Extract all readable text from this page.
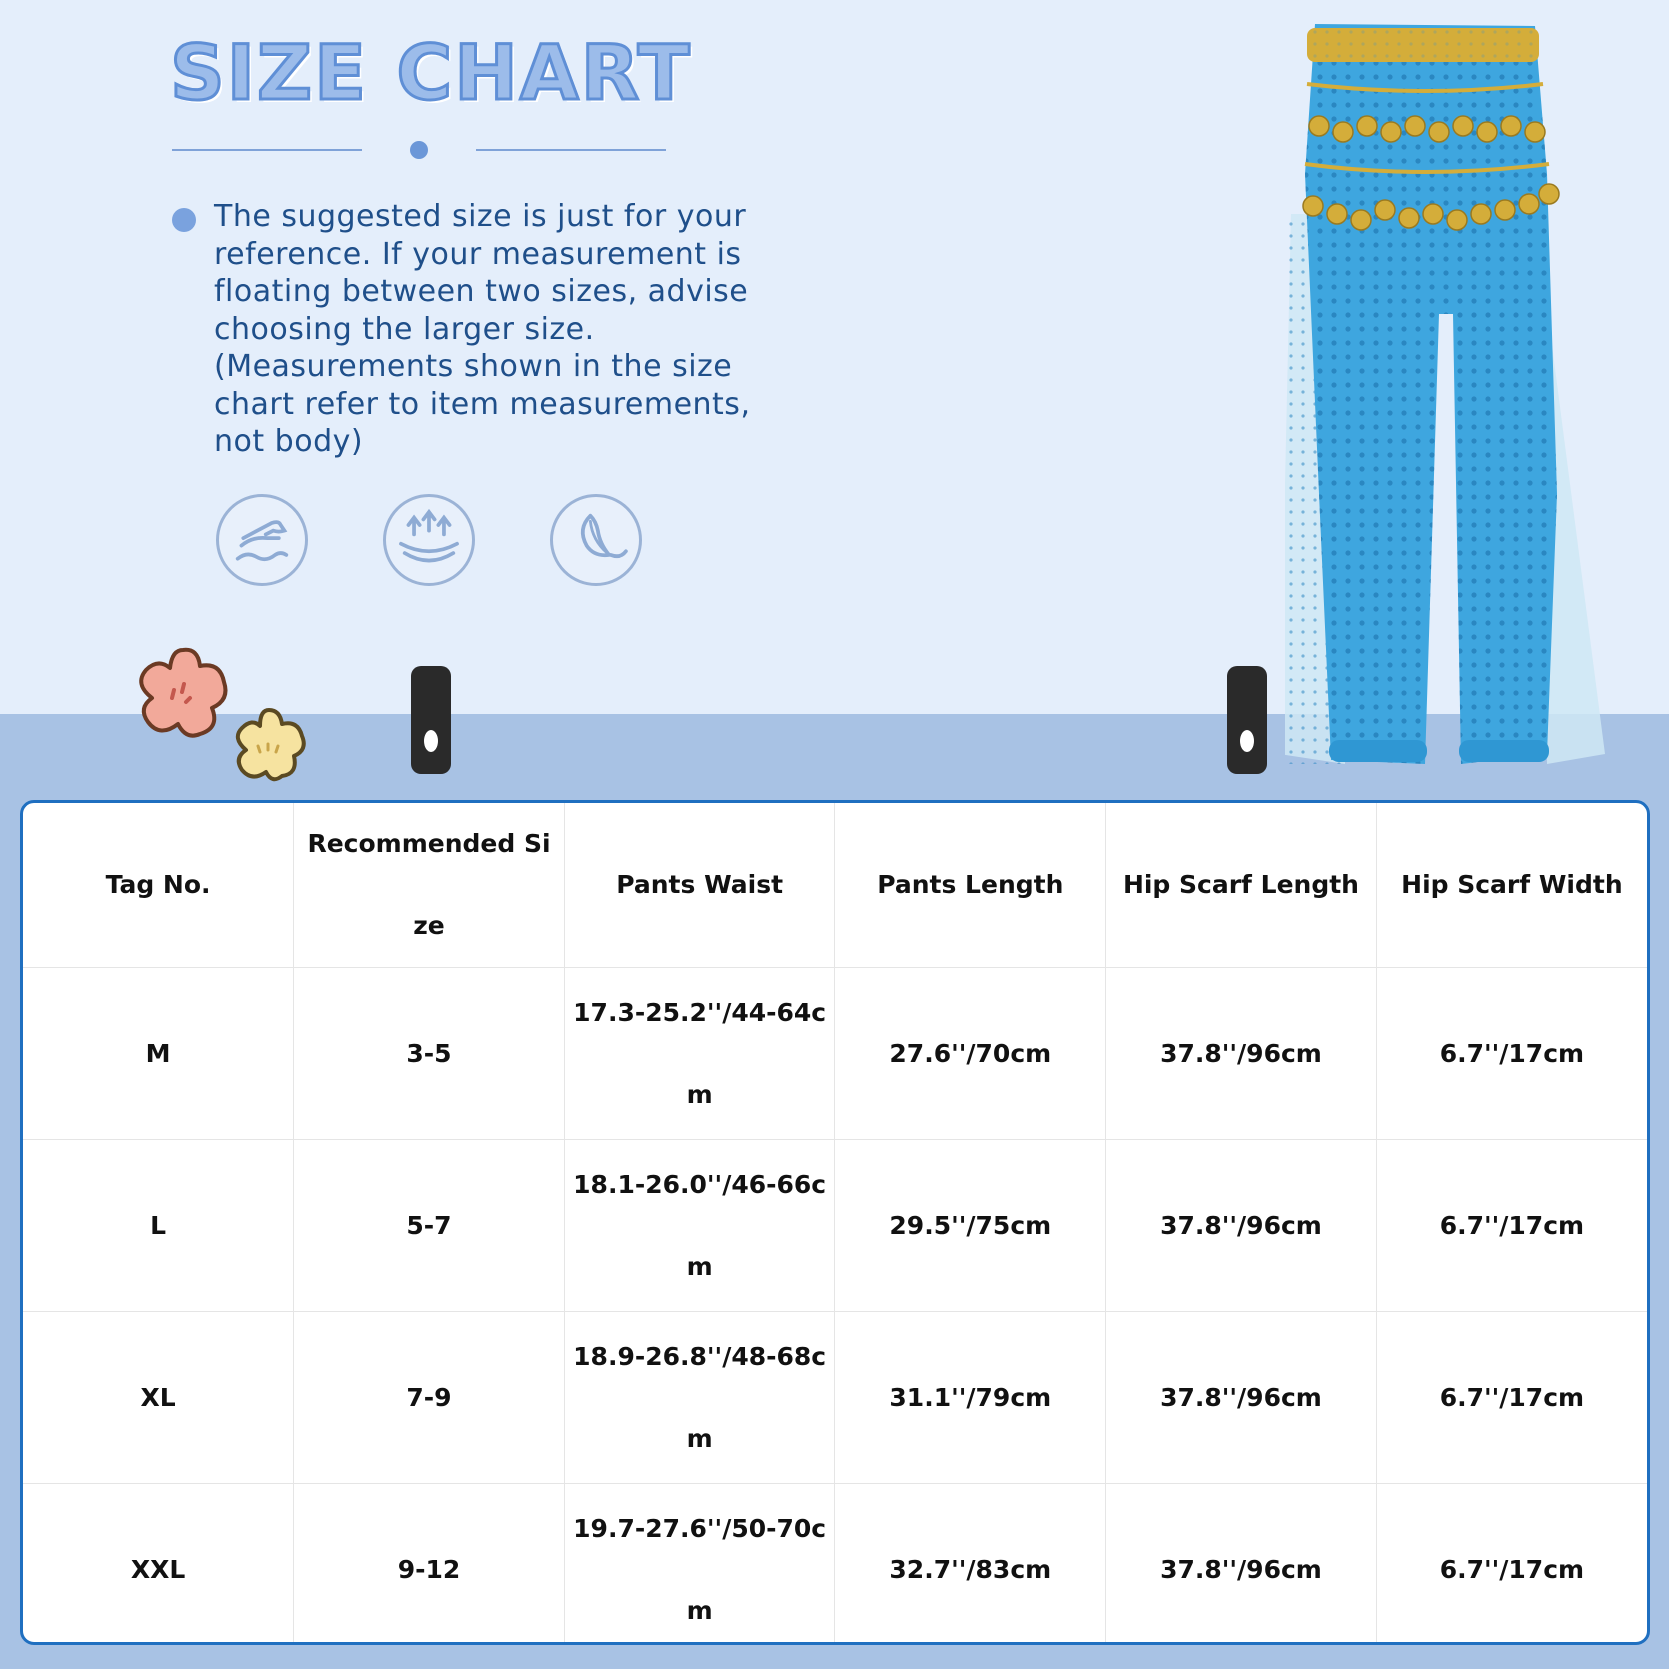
SIZE CHART

The suggested size is just for your
reference. If your measurement is
floating between two sizes, advise
choosing the larger size.
(Measurements shown in the size
chart refer to item measurements,
not body)

Tag No.	Recommended Size	Pants Waist	Pants Length	Hip Scarf Length	Hip Scarf Width
M	3-5	17.3-25.2''/44-64cm	27.6''/70cm	37.8''/96cm	6.7''/17cm
L	5-7	18.1-26.0''/46-66cm	29.5''/75cm	37.8''/96cm	6.7''/17cm
XL	7-9	18.9-26.8''/48-68cm	31.1''/79cm	37.8''/96cm	6.7''/17cm
XXL	9-12	19.7-27.6''/50-70cm	32.7''/83cm	37.8''/96cm	6.7''/17cm
